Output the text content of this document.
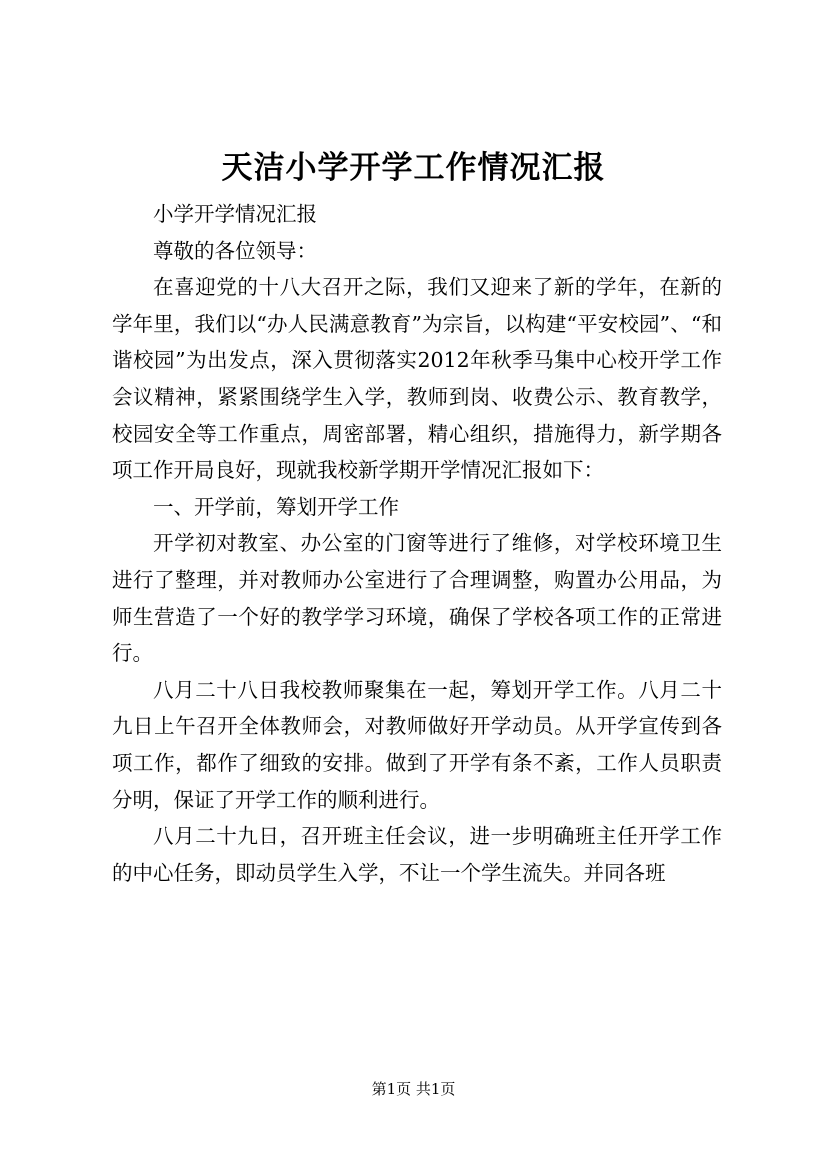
天洁小学开学工作情况汇报

小学开学情况汇报

尊敬的各位领导：

在喜迎党的十八大召开之际，我们又迎来了新的学年，在新的学年里，我们以“办人民满意教育”为宗旨，以构建“平安校园”、“和谐校园”为出发点，深入贯彻落实2012年秋季马集中心校开学工作会议精神，紧紧围绕学生入学，教师到岗、收费公示、教育教学，校园安全等工作重点，周密部署，精心组织，措施得力，新学期各项工作开局良好，现就我校新学期开学情况汇报如下：

一、开学前，筹划开学工作

开学初对教室、办公室的门窗等进行了维修，对学校环境卫生进行了整理，并对教师办公室进行了合理调整，购置办公用品，为师生营造了一个好的教学学习环境，确保了学校各项工作的正常进行。

八月二十八日我校教师聚集在一起，筹划开学工作。八月二十九日上午召开全体教师会，对教师做好开学动员。从开学宣传到各项工作，都作了细致的安排。做到了开学有条不紊，工作人员职责分明，保证了开学工作的顺利进行。

八月二十九日，召开班主任会议，进一步明确班主任开学工作的中心任务，即动员学生入学，不让一个学生流失。并同各班

第1页 共1页
